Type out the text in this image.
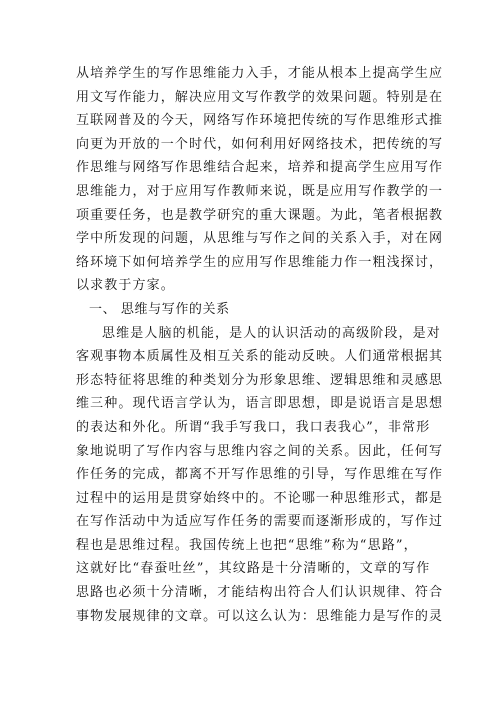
从培养学生的写作思维能力入手，才能从根本上提高学生应
用文写作能力，解决应用文写作教学的效果问题。特别是在
互联网普及的今天，网络写作环境把传统的写作思维形式推
向更为开放的一个时代，如何利用好网络技术，把传统的写
作思维与网络写作思维结合起来，培养和提高学生应用写作
思维能力，对于应用写作教师来说，既是应用写作教学的一
项重要任务，也是教学研究的重大课题。为此，笔者根据教
学中所发现的问题，从思维与写作之间的关系入手，对在网
络环境下如何培养学生的应用写作思维能力作一粗浅探讨，
以求教于方家。
一、 思维与写作的关系
思维是人脑的机能，是人的认识活动的高级阶段，是对
客观事物本质属性及相互关系的能动反映。人们通常根据其
形态特征将思维的种类划分为形象思维、逻辑思维和灵感思
维三种。现代语言学认为，语言即思想，即是说语言是思想
的表达和外化。所谓“我手写我口，我口表我心”，非常形
象地说明了写作内容与思维内容之间的关系。因此，任何写
作任务的完成，都离不开写作思维的引导，写作思维在写作
过程中的运用是贯穿始终中的。不论哪一种思维形式，都是
在写作活动中为适应写作任务的需要而逐渐形成的，写作过
程也是思维过程。我国传统上也把“思维”称为“思路”，
这就好比“春蚕吐丝”，其纹路是十分清晰的，文章的写作
思路也必须十分清晰，才能结构出符合人们认识规律、符合
事物发展规律的文章。可以这么认为：思维能力是写作的灵
